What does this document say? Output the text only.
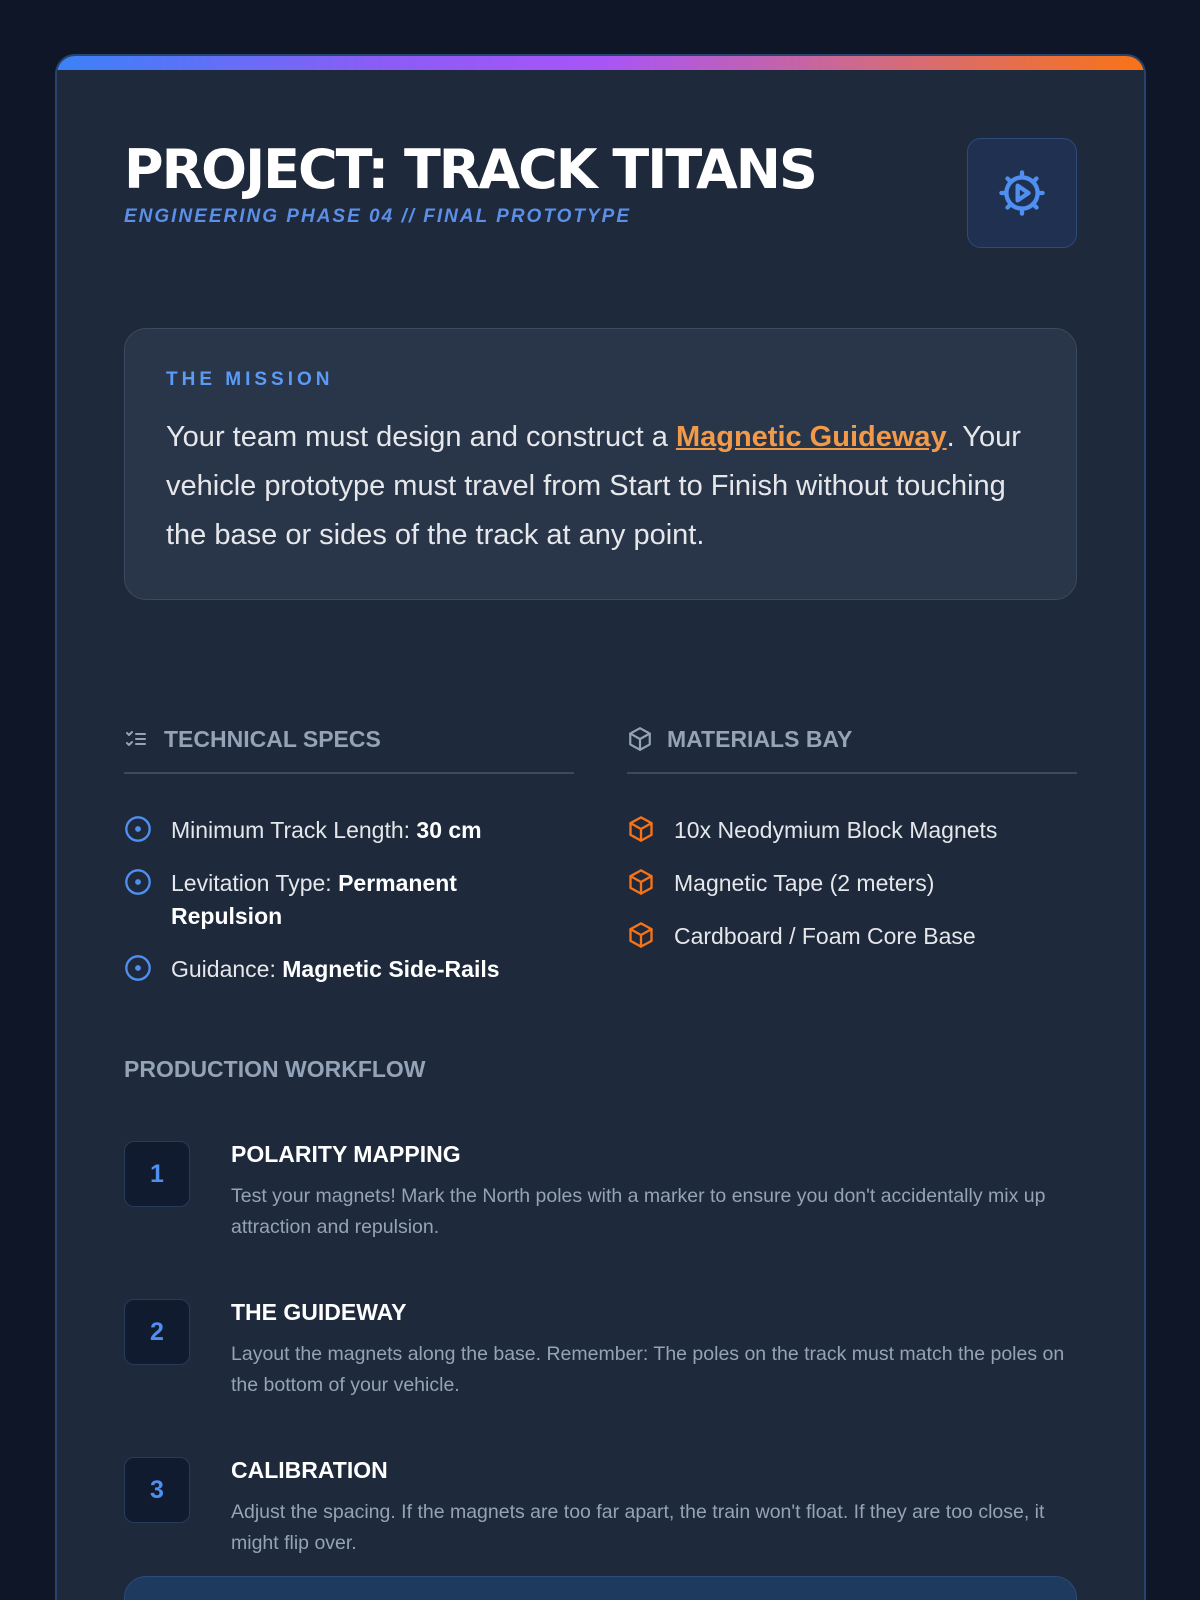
PROJECT: TRACK TITANS
ENGINEERING PHASE 04 // FINAL PROTOTYPE
THE MISSION

Your team must design and construct a Magnetic Guideway. Your vehicle prototype must travel from Start to Finish without touching the base or sides of the track at any point.

TECHNICAL SPECS
Minimum Track Length: 30 cm
Levitation Type: Permanent Repulsion
Guidance: Magnetic Side-Rails
MATERIALS BAY
10x Neodymium Block Magnets
Magnetic Tape (2 meters)
Cardboard / Foam Core Base
PRODUCTION WORKFLOW
1
POLARITY MAPPING
Test your magnets! Mark the North poles with a marker to ensure you don't accidentally mix up attraction and repulsion.
2
THE GUIDEWAY
Layout the magnets along the base. Remember: The poles on the track must match the poles on the bottom of your vehicle.
3
CALIBRATION
Adjust the spacing. If the magnets are too far apart, the train won't float. If they are too close, it might flip over.
